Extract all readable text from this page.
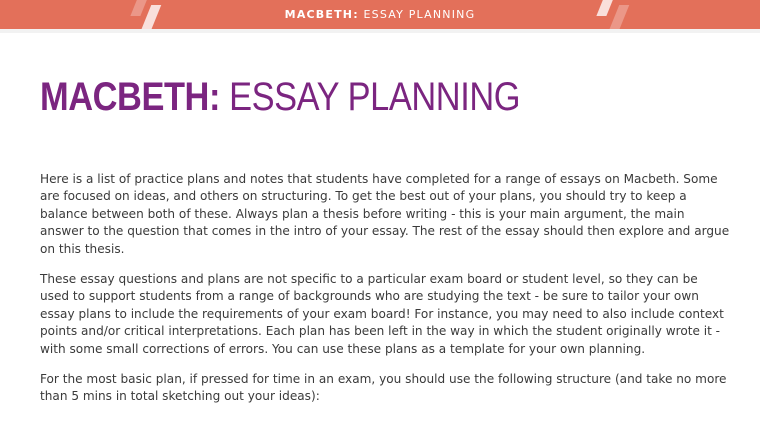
MACBETH: ESSAY PLANNING
MACBETH: ESSAY PLANNING

Here is a list of practice plans and notes that students have completed for a range of essays on Macbeth. Some are focused on ideas, and others on structuring. To get the best out of your plans, you should try to keep a balance between both of these. Always plan a thesis before writing - this is your main argument, the main answer to the question that comes in the intro of your essay. The rest of the essay should then explore and argue on this thesis.

These essay questions and plans are not specific to a particular exam board or student level, so they can be used to support students from a range of backgrounds who are studying the text - be sure to tailor your own essay plans to include the requirements of your exam board! For instance, you may need to also include context points and/or critical interpretations. Each plan has been left in the way in which the student originally wrote it - with some small corrections of errors. You can use these plans as a template for your own planning.

For the most basic plan, if pressed for time in an exam, you should use the following structure (and take no more than 5 mins in total sketching out your ideas):
